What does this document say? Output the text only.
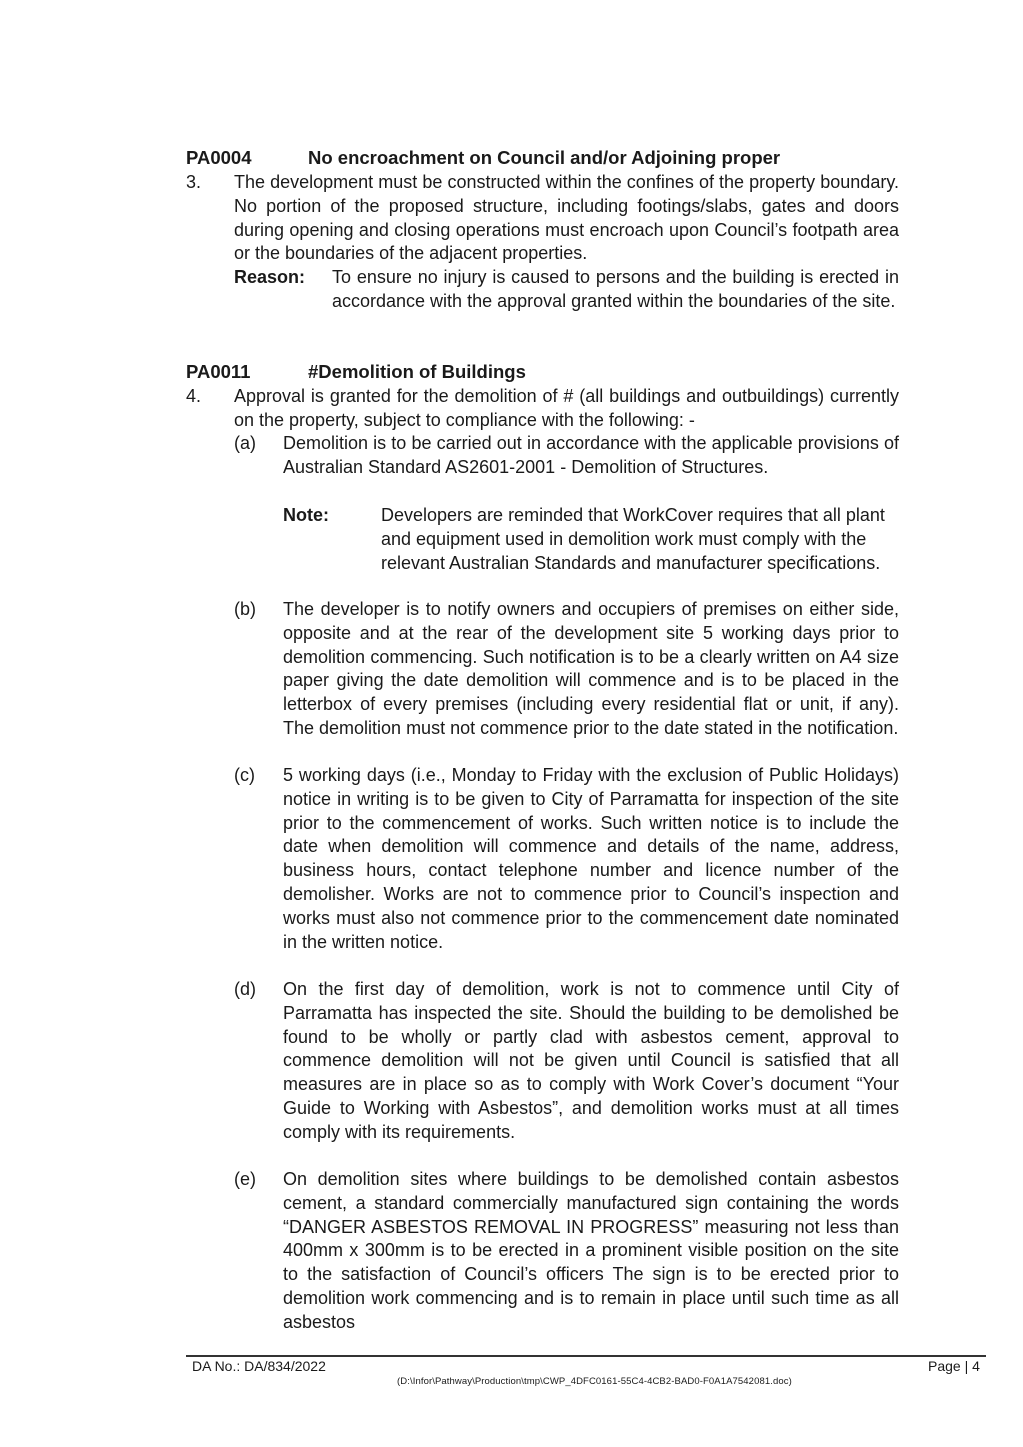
PA0004	No encroachment on Council and/or Adjoining proper
3. The development must be constructed within the confines of the property boundary. No portion of the proposed structure, including footings/slabs, gates and doors during opening and closing operations must encroach upon Council’s footpath area or the boundaries of the adjacent properties.
Reason: To ensure no injury is caused to persons and the building is erected in accordance with the approval granted within the boundaries of the site.
PA0011	#Demolition of Buildings
4. Approval is granted for the demolition of # (all buildings and outbuildings) currently on the property, subject to compliance with the following: -
(a) Demolition is to be carried out in accordance with the applicable provisions of Australian Standard AS2601-2001 - Demolition of Structures.
Note:	Developers are reminded that WorkCover requires that all plant and equipment used in demolition work must comply with the relevant Australian Standards and manufacturer specifications.
(b) The developer is to notify owners and occupiers of premises on either side, opposite and at the rear of the development site 5 working days prior to demolition commencing. Such notification is to be a clearly written on A4 size paper giving the date demolition will commence and is to be placed in the letterbox of every premises (including every residential flat or unit, if any). The demolition must not commence prior to the date stated in the notification.
(c) 5 working days (i.e., Monday to Friday with the exclusion of Public Holidays) notice in writing is to be given to City of Parramatta for inspection of the site prior to the commencement of works. Such written notice is to include the date when demolition will commence and details of the name, address, business hours, contact telephone number and licence number of the demolisher. Works are not to commence prior to Council’s inspection and works must also not commence prior to the commencement date nominated in the written notice.
(d) On the first day of demolition, work is not to commence until City of Parramatta has inspected the site. Should the building to be demolished be found to be wholly or partly clad with asbestos cement, approval to commence demolition will not be given until Council is satisfied that all measures are in place so as to comply with Work Cover’s document “Your Guide to Working with Asbestos”, and demolition works must at all times comply with its requirements.
(e) On demolition sites where buildings to be demolished contain asbestos cement, a standard commercially manufactured sign containing the words “DANGER ASBESTOS REMOVAL IN PROGRESS” measuring not less than 400mm x 300mm is to be erected in a prominent visible position on the site to the satisfaction of Council’s officers The sign is to be erected prior to demolition work commencing and is to remain in place until such time as all asbestos
DA No.: DA/834/2022	Page | 4
(D:\Infor\Pathway\Production\tmp\CWP_4DFC0161-55C4-4CB2-BAD0-F0A1A7542081.doc)
